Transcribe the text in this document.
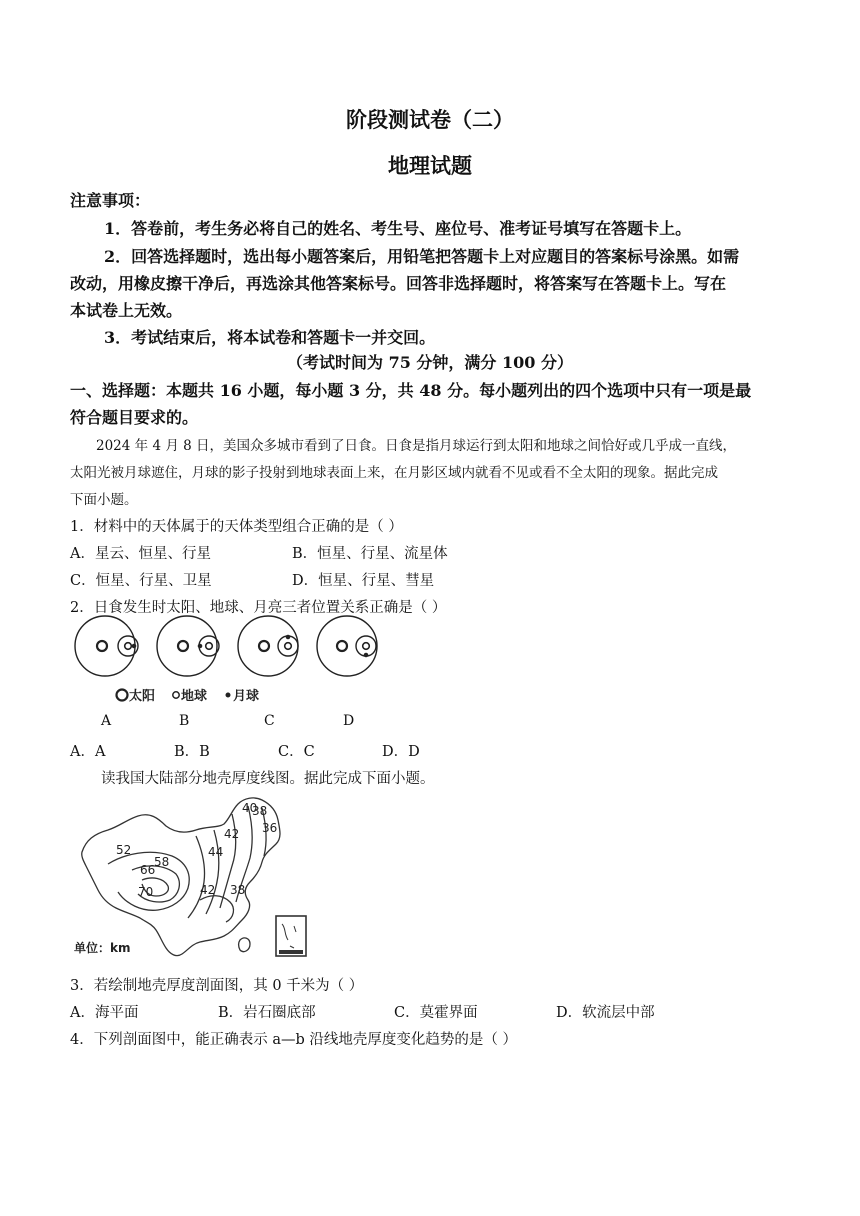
阶段测试卷（二）
地理试题
注意事项：
1．答卷前，考生务必将自己的姓名、考生号、座位号、准考证号填写在答题卡上。
2．回答选择题时，选出每小题答案后，用铅笔把答题卡上对应题目的答案标号涂黑。如需
改动，用橡皮擦干净后，再选涂其他答案标号。回答非选择题时，将答案写在答题卡上。写在
本试卷上无效。
3．考试结束后，将本试卷和答题卡一并交回。
（考试时间为 75 分钟，满分 100 分）
一、选择题：本题共 16 小题，每小题 3 分，共 48 分。每小题列出的四个选项中只有一项是最
符合题目要求的。
2024 年 4 月 8 日，美国众多城市看到了日食。日食是指月球运行到太阳和地球之间恰好或几乎成一直线，
太阳光被月球遮住，月球的影子投射到地球表面上来，在月影区域内就看不见或看不全太阳的现象。据此完成
下面小题。
1．材料中的天体属于的天体类型组合正确的是（ ）
A．星云、恒星、行星	B．恒星、行星、流星体
C．恒星、行星、卫星	D．恒星、行星、彗星
2．日食发生时太阳、地球、月亮三者位置关系正确是（ ）
太阳 地球 月球
A	B	C	D
A．A	B．B	C．C	D．D
读我国大陆部分地壳厚度线图。据此完成下面小题。
40
38
36
42
44
52
66
58
70	42 38
单位：km
3．若绘制地壳厚度剖面图，其 0 千米为（ ）
A．海平面	B．岩石圈底部	C．莫霍界面	D．软流层中部
4．下列剖面图中，能正确表示 a—b 沿线地壳厚度变化趋势的是（ ）
